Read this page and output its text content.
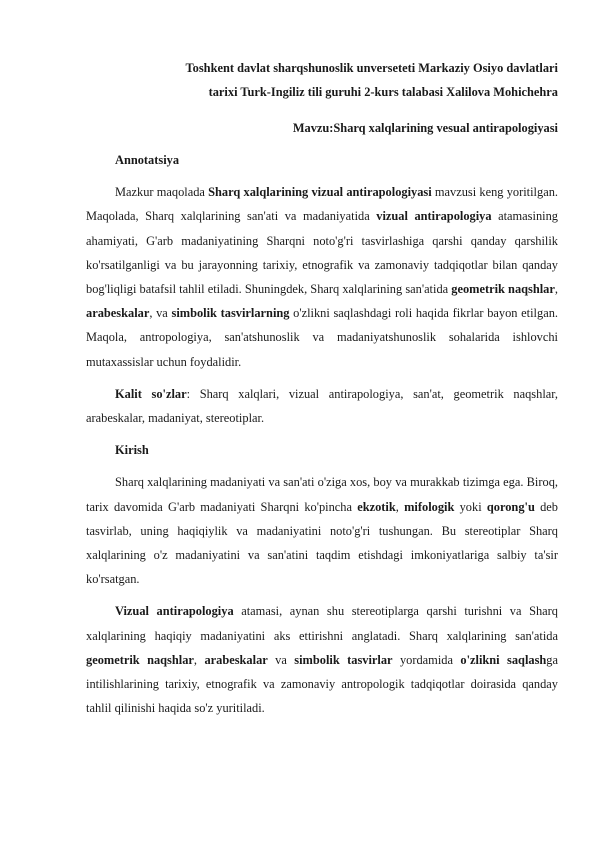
Toshkent davlat sharqshunoslik unverseteti Markaziy Osiyo davlatlari
tarixi Turk-Ingiliz tili guruhi 2-kurs talabasi Xalilova Mohichehra
Mavzu:Sharq xalqlarining vesual antirapologiyasi

Annotatsiya

Mazkur maqolada Sharq xalqlarining vizual antirapologiyasi mavzusi keng yoritilgan. Maqolada, Sharq xalqlarining san'ati va madaniyatida vizual antirapologiya atamasining ahamiyati, G'arb madaniyatining Sharqni noto'g'ri tasvirlashiga qarshi qanday qarshilik ko'rsatilganligi va bu jarayonning tarixiy, etnografik va zamonaviy tadqiqotlar bilan qanday bog'liqligi batafsil tahlil etiladi. Shuningdek, Sharq xalqlarining san'atida geometrik naqshlar, arabeskalar, va simbolik tasvirlarning o'zlikni saqlashdagi roli haqida fikrlar bayon etilgan. Maqola, antropologiya, san'atshunoslik va madaniyatshunoslik sohalarida ishlovchi mutaxassislar uchun foydalidir.

Kalit so'zlar: Sharq xalqlari, vizual antirapologiya, san'at, geometrik naqshlar, arabeskalar, madaniyat, stereotiplar.

Kirish

Sharq xalqlarining madaniyati va san'ati o'ziga xos, boy va murakkab tizimga ega. Biroq, tarix davomida G'arb madaniyati Sharqni ko'pincha ekzotik, mifologik yoki qorong'u deb tasvirlab, uning haqiqiylik va madaniyatini noto'g'ri tushungan. Bu stereotiplar Sharq xalqlarining o'z madaniyatini va san'atini taqdim etishdagi imkoniyatlariga salbiy ta'sir ko'rsatgan.

Vizual antirapologiya atamasi, aynan shu stereotiplarga qarshi turishni va Sharq xalqlarining haqiqiy madaniyatini aks ettirishni anglatadi. Sharq xalqlarining san'atida geometrik naqshlar, arabeskalar va simbolik tasvirlar yordamida o'zlikni saqlashga intilishlarining tarixiy, etnografik va zamonaviy antropologik tadqiqotlar doirasida qanday tahlil qilinishi haqida so'z yuritiladi.
